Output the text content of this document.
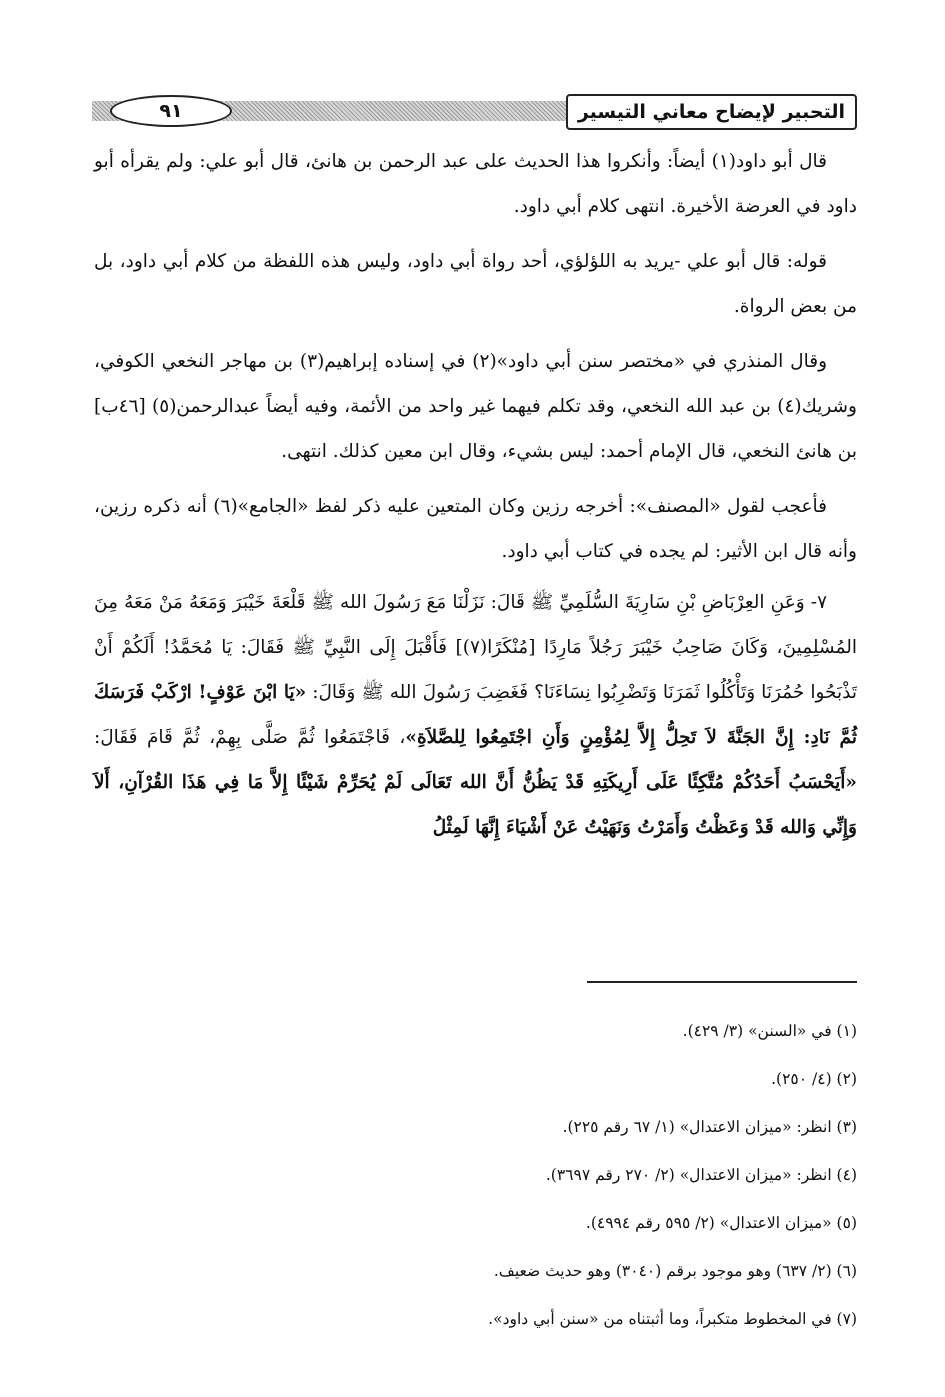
التحبير لإيضاح معاني التيسير
٩١

قال أبو داود(١) أيضاً: وأنكروا هذا الحديث على عبد الرحمن بن هانئ، قال أبو علي: ولم يقرأه أبو داود في العرضة الأخيرة. انتهى كلام أبي داود.

قوله: قال أبو علي -يريد به اللؤلؤي، أحد رواة أبي داود، وليس هذه اللفظة من كلام أبي داود، بل من بعض الرواة.

وقال المنذري في «مختصر سنن أبي داود»(٢) في إسناده إبراهيم(٣) بن مهاجر النخعي الكوفي، وشريك(٤) بن عبد الله النخعي، وقد تكلم فيهما غير واحد من الأئمة، وفيه أيضاً عبدالرحمن(٥) [٤٦ب] بن هانئ النخعي، قال الإمام أحمد: ليس بشيء، وقال ابن معين كذلك. انتهى.

فأعجب لقول «المصنف»: أخرجه رزين وكان المتعين عليه ذكر لفظ «الجامع»(٦) أنه ذكره رزين، وأنه قال ابن الأثير: لم يجده في كتاب أبي داود.

٧- وَعَنِ العِرْبَاضِ بْنِ سَارِيَةَ السُّلَمِيِّ ﷺ قَالَ: نَزَلْنَا مَعَ رَسُولَ الله ﷺ قَلْعَةَ خَيْبَرَ وَمَعَهُ مَنْ مَعَهُ مِنَ المُسْلِمِينَ، وَكَانَ صَاحِبُ خَيْبَرَ رَجُلاً مَارِدًا [مُنْكَرًا(٧)] فَأَقْبَلَ إِلَى النَّبِيِّ ﷺ فَقَالَ: يَا مُحَمَّدُ! أَلَكُمْ أَنْ تَذْبَحُوا حُمُرَنَا وَتَأْكُلُوا ثَمَرَنَا وَتَضْرِبُوا نِسَاءَنَا؟ فَغَضِبَ رَسُولَ الله ﷺ وَقَالَ: «يَا ابْنَ عَوْفٍ! ارْكَبْ فَرَسَكَ ثُمَّ نَادِ: إِنَّ الجَنَّةَ لاَ تَحِلُّ إِلاَّ لِمُؤْمِنٍ وَأَنِ اجْتَمِعُوا لِلصَّلاَةِ»، فَاجْتَمَعُوا ثُمَّ صَلَّى بِهِمْ، ثُمَّ قَامَ فَقَالَ: «أَيَحْسَبُ أَحَدُكُمْ مُتَّكِئًا عَلَى أَرِيكَتِهِ قَدْ يَظُنُّ أَنَّ الله تَعَالَى لَمْ يُحَرِّمْ شَيْئًا إِلاَّ مَا فِي هَذَا القُرْآنِ، أَلاَ وَإِنِّي وَالله قَدْ وَعَظْتُ وَأَمَرْتُ وَنَهَيْتُ عَنْ أَشْيَاءَ إِنَّهَا لَمِثْلُ

(١) في «السنن» (٣/ ٤٢٩).
(٢) (٤/ ٢٥٠).
(٣) انظر: «ميزان الاعتدال» (١/ ٦٧ رقم ٢٢٥).
(٤) انظر: «ميزان الاعتدال» (٢/ ٢٧٠ رقم ٣٦٩٧).
(٥) «ميزان الاعتدال» (٢/ ٥٩٥ رقم ٤٩٩٤).
(٦) (٢/ ٦٣٧) وهو موجود برقم (٣٠٤٠) وهو حديث ضعيف.
(٧) في المخطوط متكبراً، وما أثبتناه من «سنن أبي داود».
